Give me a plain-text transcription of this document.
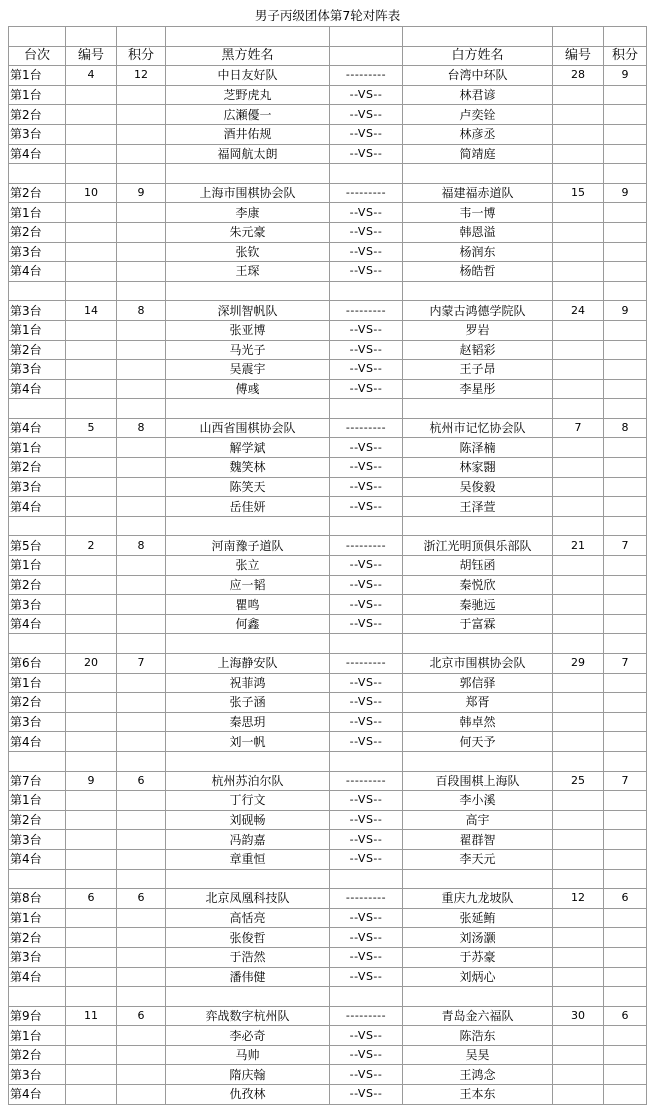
男子丙级团体第7轮对阵表							

台次	编号	积分	黑方姓名		白方姓名	编号	积分
第1台	4	12	中日友好队	---------	台湾中环队	28	9
第1台			芝野虎丸	--VS--	林君谚		
第2台			広瀬優一	--VS--	卢奕铨		
第3台			酒井佑规	--VS--	林彦丞		
第4台			福岡航太朗	--VS--	简靖庭		

第2台	10	9	上海市围棋协会队	---------	福建福赤道队	15	9
第1台			李康	--VS--	韦一博		
第2台			朱元豪	--VS--	韩恩溢		
第3台			张钦	--VS--	杨润东		
第4台			王琛	--VS--	杨皓哲		

第3台	14	8	深圳智帆队	---------	内蒙古鸿德学院队	24	9
第1台			张亚博	--VS--	罗岩		
第2台			马光子	--VS--	赵韬彩		
第3台			吴震宇	--VS--	王子昂		
第4台			傅彧	--VS--	李星彤		

第4台	5	8	山西省围棋协会队	---------	杭州市记忆协会队	7	8
第1台			解学斌	--VS--	陈泽楠		
第2台			魏笑林	--VS--	林家翾		
第3台			陈笑天	--VS--	吴俊毅		
第4台			岳佳妍	--VS--	王泽萱		

第5台	2	8	河南豫子道队	---------	浙江光明顶俱乐部队	21	7
第1台			张立	--VS--	胡钰函		
第2台			应一韬	--VS--	秦悦欣		
第3台			瞿鸣	--VS--	秦驰远		
第4台			何鑫	--VS--	于富霖		

第6台	20	7	上海静安队	---------	北京市围棋协会队	29	7
第1台			祝菲鸿	--VS--	郭信驿		
第2台			张子涵	--VS--	郑胥		
第3台			秦思玥	--VS--	韩卓然		
第4台			刘一帆	--VS--	何天予		

第7台	9	6	杭州苏泊尔队	---------	百段围棋上海队	25	7
第1台			丁行文	--VS--	李小溪		
第2台			刘砚畅	--VS--	高宇		
第3台			冯韵嘉	--VS--	翟群智		
第4台			章重恒	--VS--	李天元		

第8台	6	6	北京凤凰科技队	---------	重庆九龙坡队	12	6
第1台			高恬亮	--VS--	张延鲔		
第2台			张俊哲	--VS--	刘汤灏		
第3台			于浩然	--VS--	于苏豪		
第4台			潘伟健	--VS--	刘炳心		

第9台	11	6	弈战数字杭州队	---------	青岛金六福队	30	6
第1台			李必奇	--VS--	陈浩东		
第2台			马帅	--VS--	吴昊		
第3台			隋庆翰	--VS--	王鸿念		
第4台			仇孜林	--VS--	王本东		
